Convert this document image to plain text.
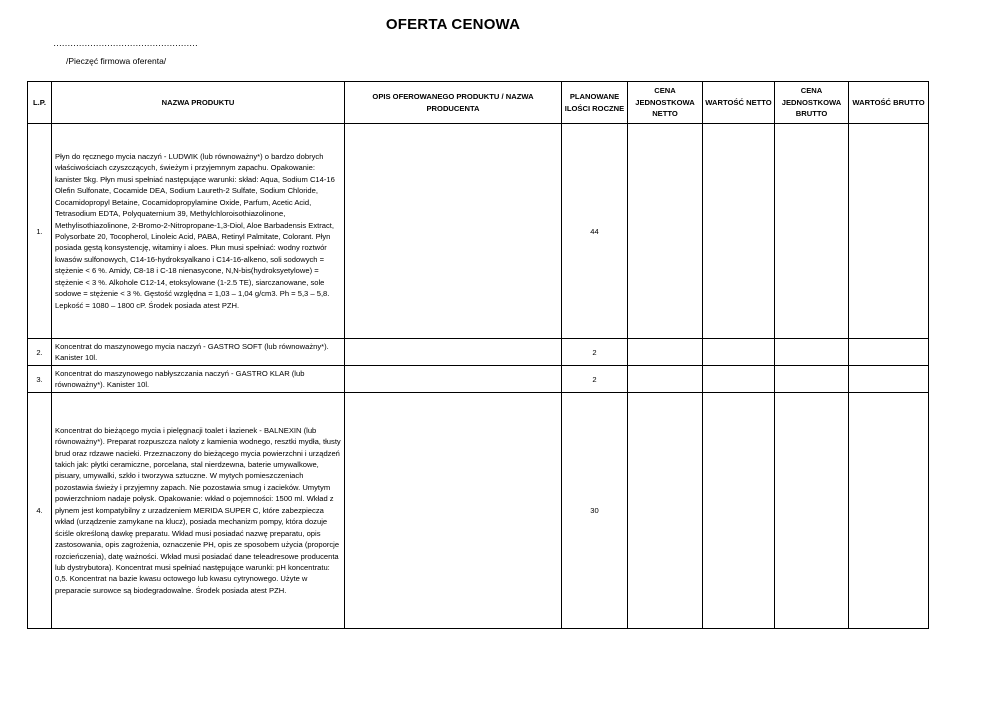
OFERTA CENOWA
……………………………………………
/Pieczęć firmowa oferenta/
L.P.	NAZWA PRODUKTU	OPIS OFEROWANEGO PRODUKTU / NAZWA PRODUCENTA	PLANOWANE ILOŚCI ROCZNE	CENA JEDNOSTKOWA NETTO	WARTOŚĆ NETTO	CENA JEDNOSTKOWA BRUTTO	WARTOŚĆ BRUTTO
1.	Płyn do ręcznego mycia naczyń - LUDWIK (lub równoważny*) o bardzo dobrych właściwościach czyszczących, świeżym i przyjemnym zapachu. Opakowanie: kanister 5kg. Płyn musi spełniać następujące warunki: skład: Aqua, Sodium C14-16 Olefin Sulfonate, Cocamide DEA, Sodium Laureth-2 Sulfate, Sodium Chloride, Cocamidopropyl Betaine, Cocamidopropylamine Oxide, Parfum, Acetic Acid, Tetrasodium EDTA, Polyquaternium 39, Methylchloroisothiazolinone, Methylisothiazolinone, 2-Bromo-2-Nitropropane-1,3-Diol, Aloe Barbadensis Extract, Polysorbate 20, Tocopherol, Linoleic Acid, PABA, Retinyl Palmitate, Colorant. Płyn posiada gęstą konsystencję, witaminy i aloes. Płun musi spełniać: wodny roztwór kwasów sulfonowych, C14-16-hydroksyalkano i C14-16-alkeno, soli sodowych = stężenie < 6 %. Amidy, C8-18 i C-18 nienasycone, N,N-bis(hydroksyetylowe) = stężenie < 3 %. Alkohole C12-14, etoksylowane (1-2.5 TE), siarczanowane, sole sodowe = stężenie < 3 %. Gęstość względna = 1,03 – 1,04 g/cm3. Ph = 5,3 – 5,8. Lepkość = 1080 – 1800 cP. Środek posiada atest PZH.		44				
2.	Koncentrat do maszynowego mycia naczyń - GASTRO SOFT (lub równoważny*). Kanister 10l.		2				
3.	Koncentrat do maszynowego nabłyszczania naczyń - GASTRO KLAR (lub równoważny*). Kanister 10l.		2				
4.	Koncentrat do bieżącego mycia i pielęgnacji toalet i łazienek - BALNEXIN (lub równoważny*). Preparat rozpuszcza naloty z kamienia wodnego, resztki mydła, tłusty brud oraz rdzawe nacieki. Przeznaczony do bieżącego mycia powierzchni i urządzeń takich jak: płytki ceramiczne, porcelana, stal nierdzewna, baterie umywalkowe, pisuary, umywalki, szkło i tworzywa sztuczne. W mytych pomieszczeniach pozostawia świeży i przyjemny zapach. Nie pozostawia smug i zacieków. Umytym powierzchniom nadaje połysk. Opakowanie: wkład o pojemności: 1500 ml. Wkład z płynem jest kompatybilny z urzadzeniem MERIDA SUPER C, które zabezpiecza wkład (urządzenie zamykane na klucz), posiada mechanizm pompy, która dozuje ściśle określoną dawkę preparatu. Wkład musi posiadać nazwę preparatu, opis zastosowania, opis zagrożenia, oznaczenie PH, opis ze sposobem użycia (proporcje rozcieńczenia), datę ważności. Wkład musi posiadać dane teleadresowe producenta lub dystrybutora). Koncentrat musi spełniać następujące warunki: pH koncentratu: 0,5. Koncentrat na bazie kwasu octowego lub kwasu cytrynowego. Użyte w preparacie surowce są biodegradowalne. Środek posiada atest PZH.		30				
